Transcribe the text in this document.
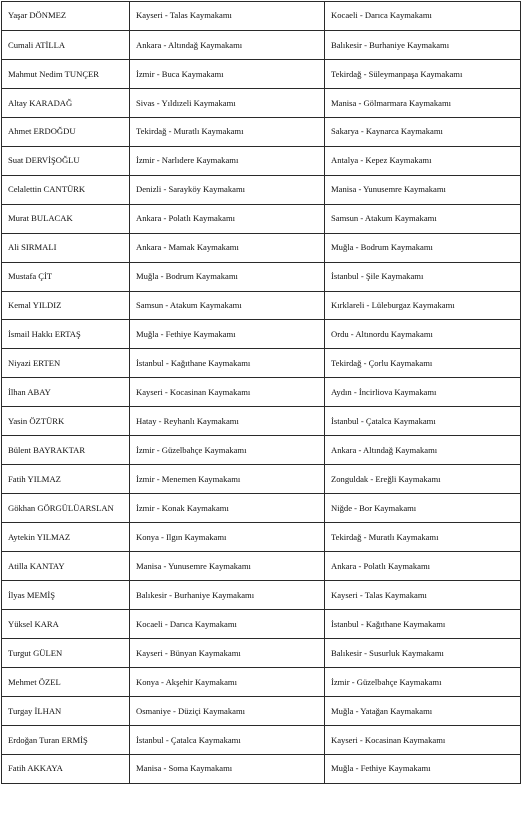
Yaşar DÖNMEZ	Kayseri - Talas Kaymakamı	Kocaeli - Darıca Kaymakamı
Cumali ATİLLA	Ankara - Altındağ Kaymakamı	Balıkesir - Burhaniye Kaymakamı
Mahmut Nedim TUNÇER	İzmir - Buca Kaymakamı	Tekirdağ - Süleymanpaşa Kaymakamı
Altay KARADAĞ	Sivas - Yıldızeli Kaymakamı	Manisa - Gölmarmara Kaymakamı
Ahmet ERDOĞDU	Tekirdağ - Muratlı Kaymakamı	Sakarya - Kaynarca Kaymakamı
Suat DERVİŞOĞLU	İzmir - Narlıdere Kaymakamı	Antalya - Kepez Kaymakamı
Celalettin CANTÜRK	Denizli - Sarayköy Kaymakamı	Manisa - Yunusemre Kaymakamı
Murat BULACAK	Ankara - Polatlı Kaymakamı	Samsun - Atakum Kaymakamı
Ali SIRMALI	Ankara - Mamak Kaymakamı	Muğla - Bodrum Kaymakamı
Mustafa ÇİT	Muğla - Bodrum Kaymakamı	İstanbul - Şile Kaymakamı
Kemal YILDIZ	Samsun - Atakum Kaymakamı	Kırklareli - Lüleburgaz Kaymakamı
İsmail Hakkı ERTAŞ	Muğla - Fethiye Kaymakamı	Ordu - Altınordu Kaymakamı
Niyazi ERTEN	İstanbul - Kağıthane Kaymakamı	Tekirdağ - Çorlu Kaymakamı
İlhan ABAY	Kayseri - Kocasinan Kaymakamı	Aydın - İncirliova Kaymakamı
Yasin ÖZTÜRK	Hatay - Reyhanlı Kaymakamı	İstanbul - Çatalca Kaymakamı
Bülent BAYRAKTAR	İzmir - Güzelbahçe Kaymakamı	Ankara - Altındağ Kaymakamı
Fatih YILMAZ	İzmir - Menemen Kaymakamı	Zonguldak - Ereğli Kaymakamı
Gökhan GÖRGÜLÜARSLAN	İzmir - Konak Kaymakamı	Niğde - Bor Kaymakamı
Aytekin YILMAZ	Konya - Ilgın Kaymakamı	Tekirdağ - Muratlı Kaymakamı
Atilla KANTAY	Manisa - Yunusemre Kaymakamı	Ankara - Polatlı Kaymakamı
İlyas MEMİŞ	Balıkesir - Burhaniye Kaymakamı	Kayseri - Talas Kaymakamı
Yüksel KARA	Kocaeli - Darıca Kaymakamı	İstanbul - Kağıthane Kaymakamı
Turgut GÜLEN	Kayseri - Bünyan Kaymakamı	Balıkesir - Susurluk Kaymakamı
Mehmet ÖZEL	Konya - Akşehir Kaymakamı	İzmir - Güzelbahçe Kaymakamı
Turgay İLHAN	Osmaniye - Düziçi Kaymakamı	Muğla - Yatağan Kaymakamı
Erdoğan Turan ERMİŞ	İstanbul - Çatalca Kaymakamı	Kayseri - Kocasinan Kaymakamı
Fatih AKKAYA	Manisa - Soma Kaymakamı	Muğla - Fethiye Kaymakamı
